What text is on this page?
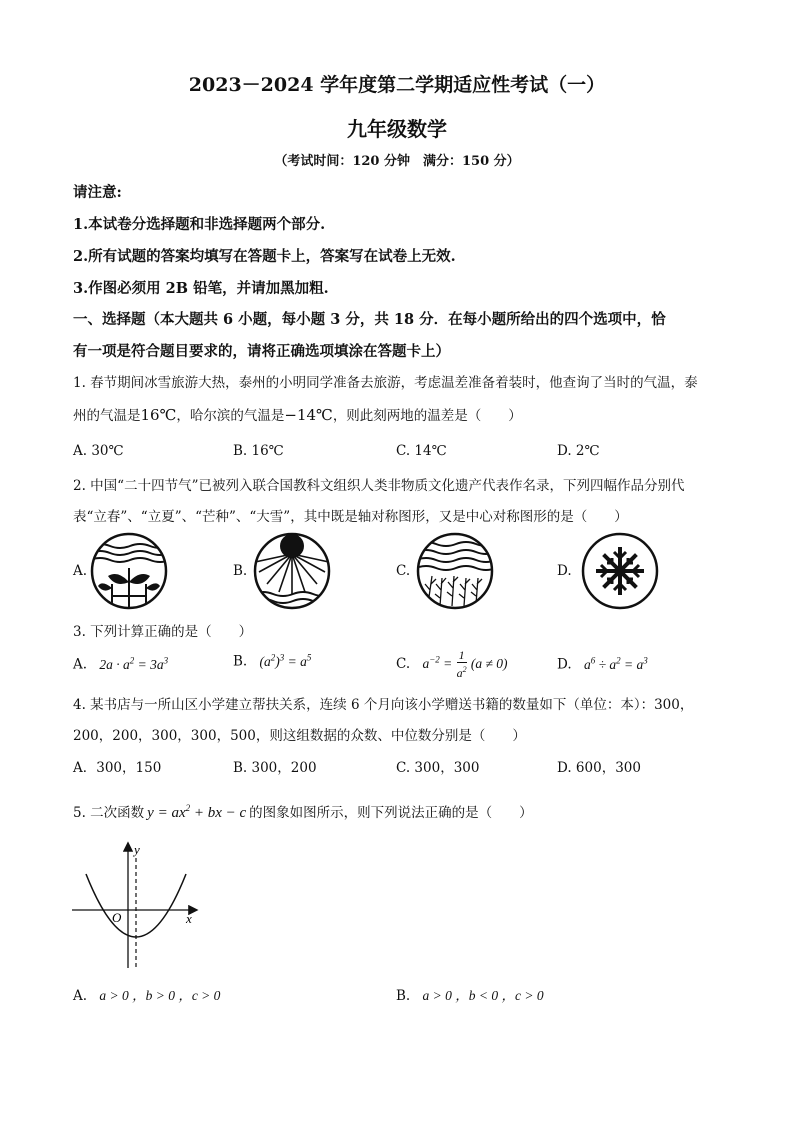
2023－2024 学年度第二学期适应性考试（一）
九年级数学
（考试时间：120 分钟　满分：150 分）
请注意:
1.本试卷分选择题和非选择题两个部分.
2.所有试题的答案均填写在答题卡上，答案写在试卷上无效.
3.作图必须用 2B 铅笔，并请加黑加粗.
一、选择题（本大题共 6 小题，每小题 3 分，共 18 分．在每小题所给出的四个选项中，恰
有一项是符合题目要求的，请将正确选项填涂在答题卡上）
1. 春节期间冰雪旅游大热，泰州的小明同学准备去旅游，考虑温差准备着装时，他查询了当时的气温，泰
州的气温是16℃，哈尔滨的气温是−14℃，则此刻两地的温差是（　　）
A. 30℃	B. 16℃	C. 14℃	D. 2℃
2. 中国“二十四节气”已被列入联合国教科文组织人类非物质文化遗产代表作名录，下列四幅作品分别代
表“立春”、“立夏”、“芒种”、“大雪”，其中既是轴对称图形，又是中心对称图形的是（　　）
A.	B.	C.	D.
3. 下列计算正确的是（　　）
A. $2a \cdot a^2 = 3a^3$	B. $(a^2)^3 = a^5$	C. $a^{-2} = \frac{1}{a^2} (a \ne 0)$	D. $a^6 \div a^2 = a^3$
4. 某书店与一所山区小学建立帮扶关系，连续 6 个月向该小学赠送书籍的数量如下（单位：本）：300，
200，200，300，300，500，则这组数据的众数、中位数分别是（　　）
A．300，150	B. 300，200	C. 300，300	D. 600，300
5. 二次函数 $y = ax^2$ + bx − c 的图象如图所示，则下列说法正确的是（　　）
y
x
O
A. a > 0 ，b > 0 ，c > 0	B. a > 0 ，b < 0 ，c > 0
